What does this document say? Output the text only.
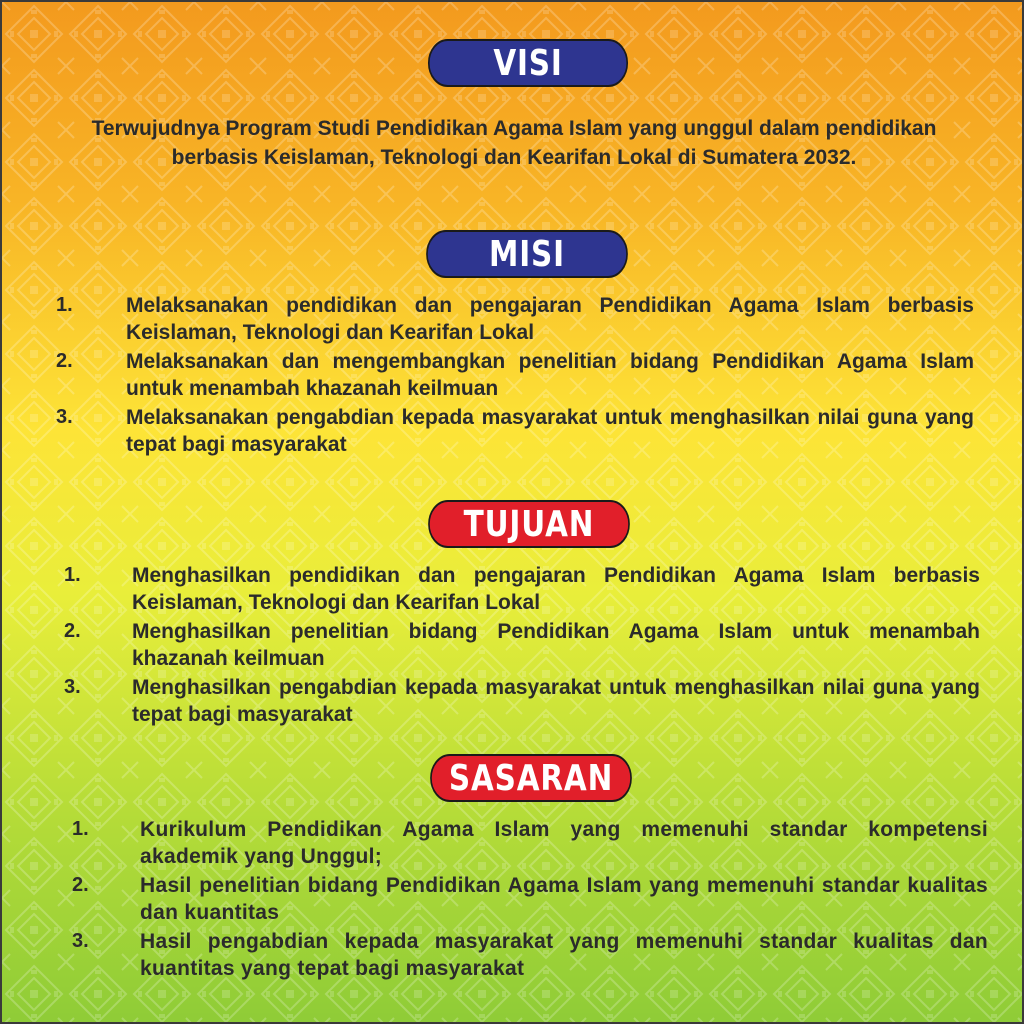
VISI
Terwujudnya Program Studi Pendidikan Agama Islam yang unggul dalam pendidikan berbasis Keislaman, Teknologi dan Kearifan Lokal di Sumatera 2032.
MISI
1.	Melaksanakan pendidikan dan pengajaran Pendidikan Agama Islam berbasis Keislaman, Teknologi dan Kearifan Lokal
2.	Melaksanakan dan mengembangkan penelitian bidang Pendidikan Agama Islam untuk menambah khazanah keilmuan
3.	Melaksanakan pengabdian kepada masyarakat untuk menghasilkan nilai guna yang tepat bagi masyarakat
TUJUAN
1. Menghasilkan pendidikan dan pengajaran Pendidikan Agama Islam berbasis Keislaman, Teknologi dan Kearifan Lokal
2. Menghasilkan penelitian bidang Pendidikan Agama Islam untuk menambah khazanah keilmuan
3. Menghasilkan pengabdian kepada masyarakat untuk menghasilkan nilai guna yang tepat bagi masyarakat
SASARAN
1. Kurikulum Pendidikan Agama Islam yang memenuhi standar kompetensi akademik yang Unggul;
2. Hasil penelitian bidang Pendidikan Agama Islam yang memenuhi standar kualitas dan kuantitas
3. Hasil pengabdian kepada masyarakat yang memenuhi standar kualitas dan kuantitas yang tepat bagi masyarakat
